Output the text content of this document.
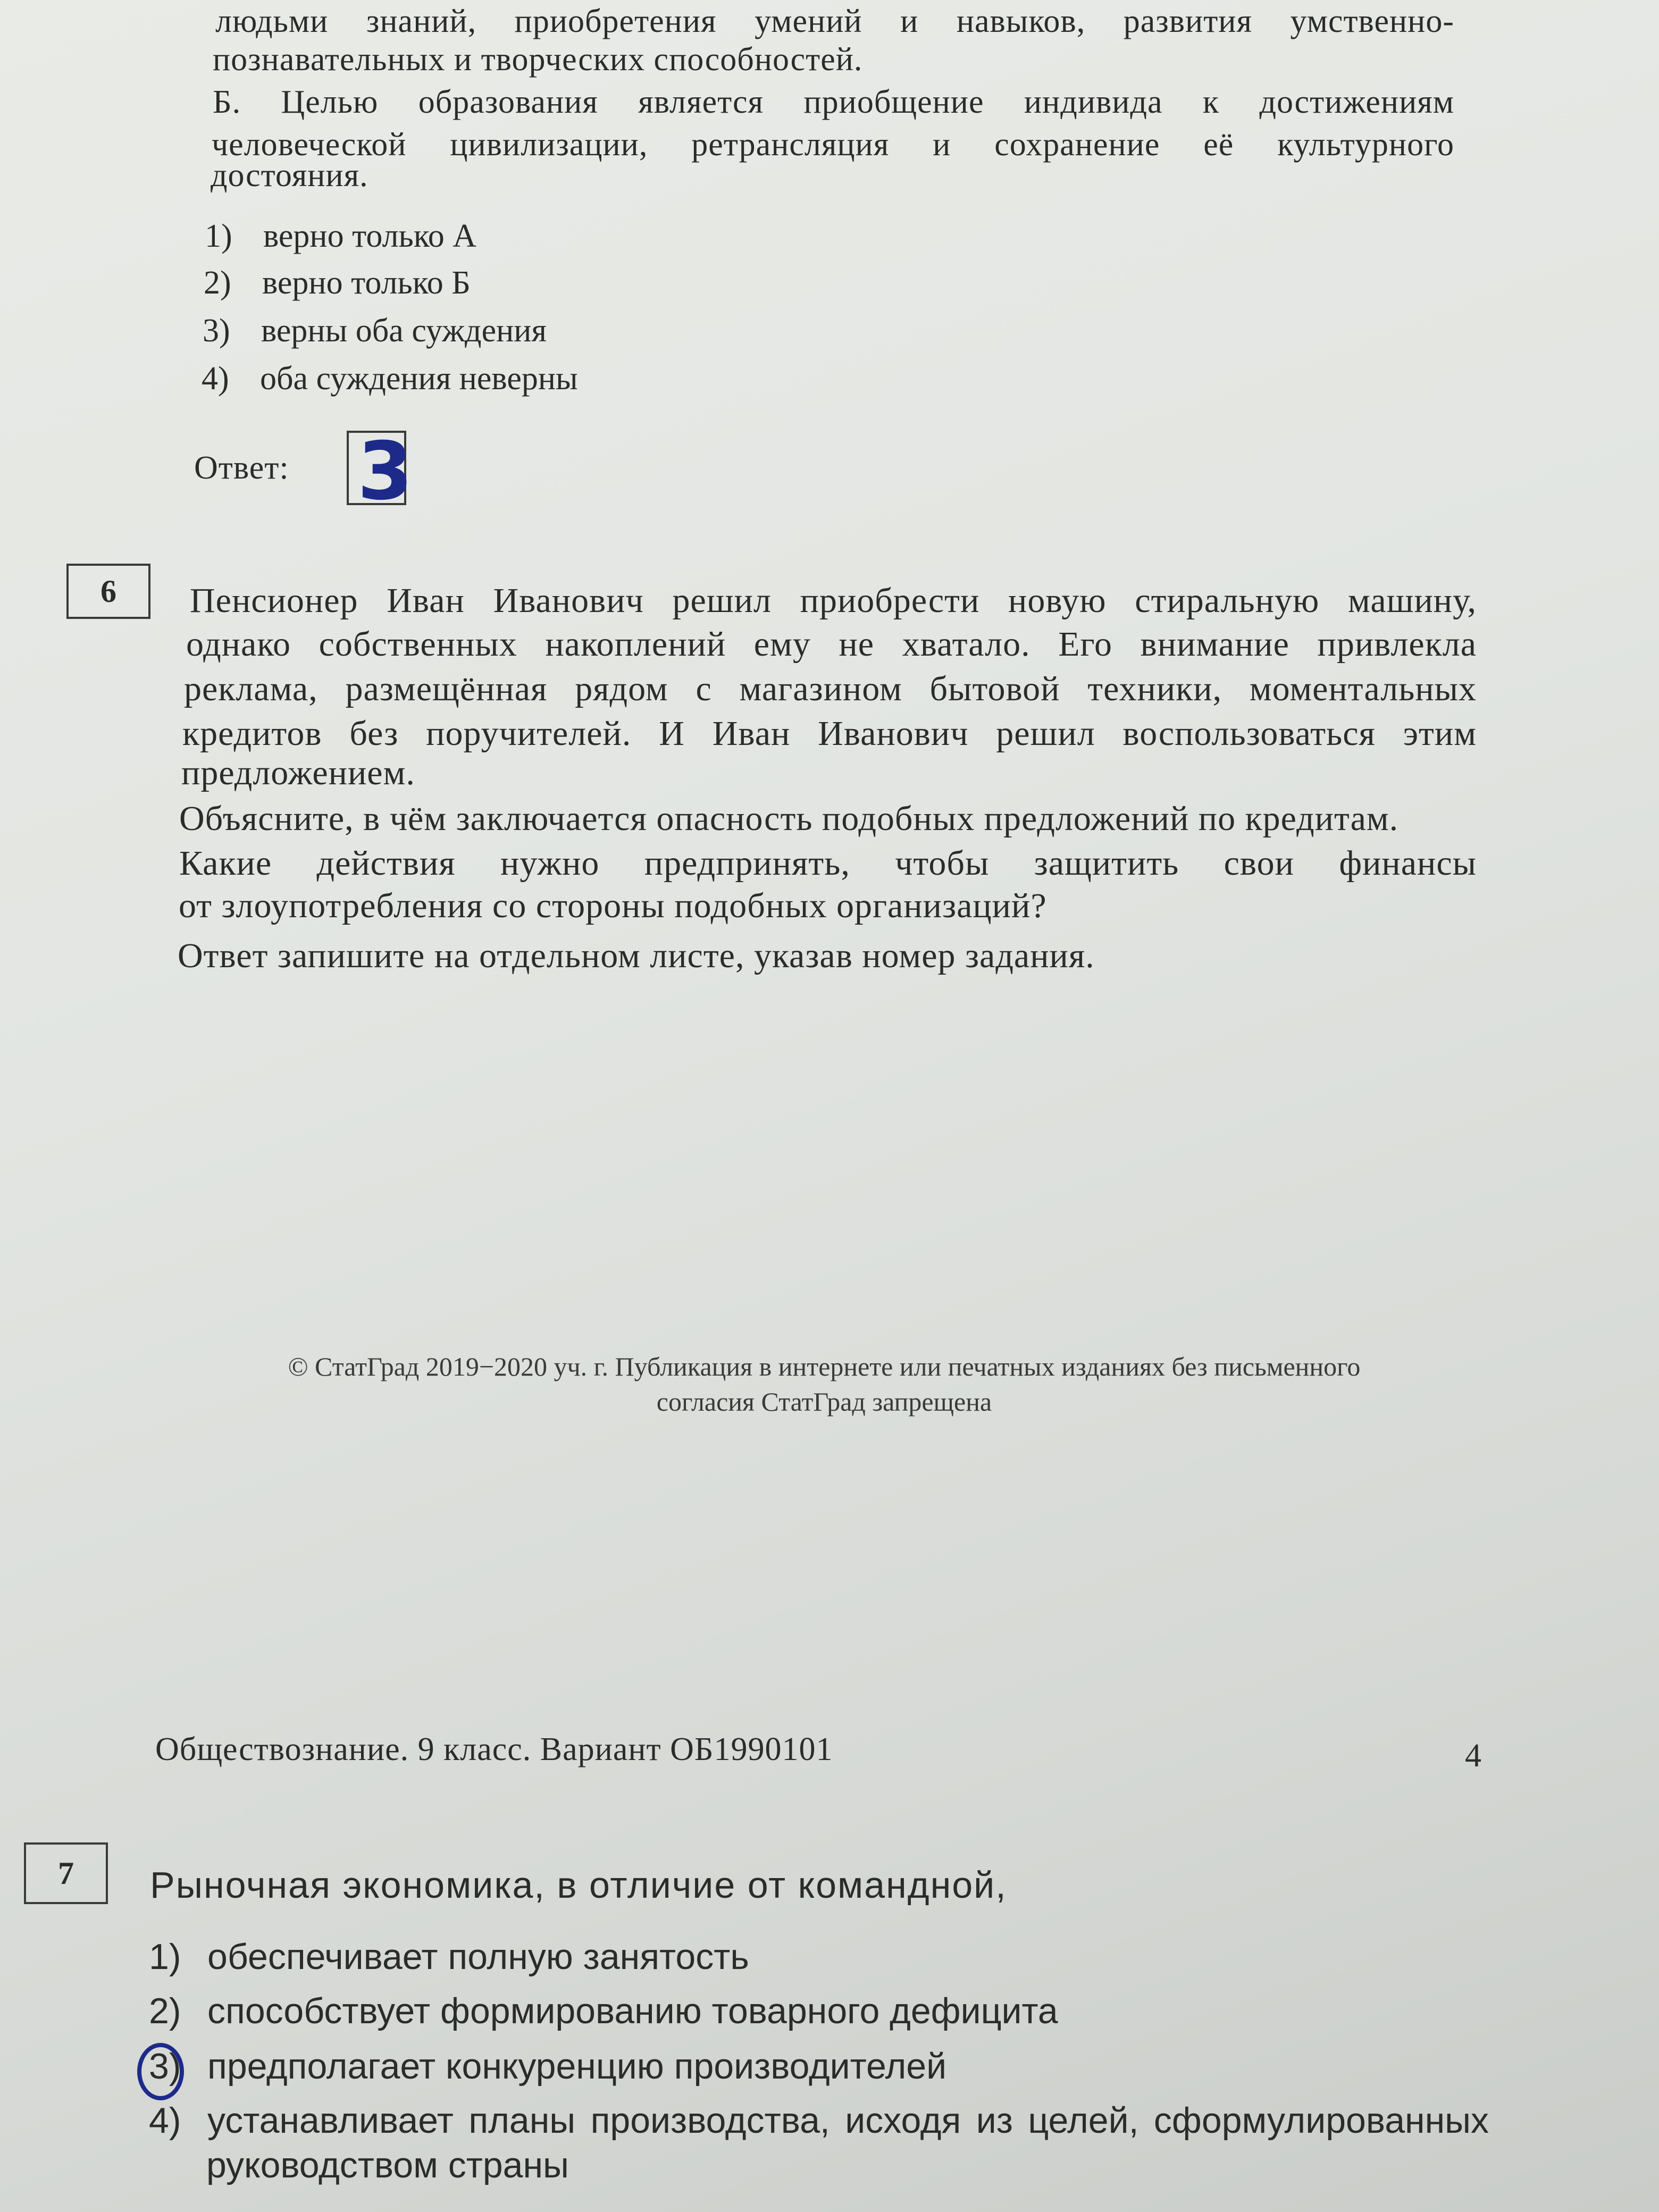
людьми знаний, приобретения умений и навыков, развития умственно-
познавательных и творческих способностей.
Б. Целью образования является приобщение индивида к достижениям
человеческой цивилизации, ретрансляция и сохранение её культурного
достояния.
1) верно только А
2) верно только Б
3) верны оба суждения
4) оба суждения неверны
Ответ: 3
6	Пенсионер Иван Иванович решил приобрести новую стиральную машину,
однако собственных накоплений ему не хватало. Его внимание привлекла
реклама, размещённая рядом с магазином бытовой техники, моментальных
кредитов без поручителей. И Иван Иванович решил воспользоваться этим
предложением.
Объясните, в чём заключается опасность подобных предложений по кредитам.
Какие действия нужно предпринять, чтобы защитить свои финансы
от злоупотребления со стороны подобных организаций?
Ответ запишите на отдельном листе, указав номер задания.
© СтатГрад 2019−2020 уч. г. Публикация в интернете или печатных изданиях без письменного
согласия СтатГрад запрещена
Обществознание. 9 класс. Вариант ОБ1990101	4
7	Рыночная экономика, в отличие от командной,
1) обеспечивает полную занятость
2) способствует формированию товарного дефицита
3) предполагает конкуренцию производителей
4) устанавливает планы производства, исходя из целей, сформулированных
руководством страны
